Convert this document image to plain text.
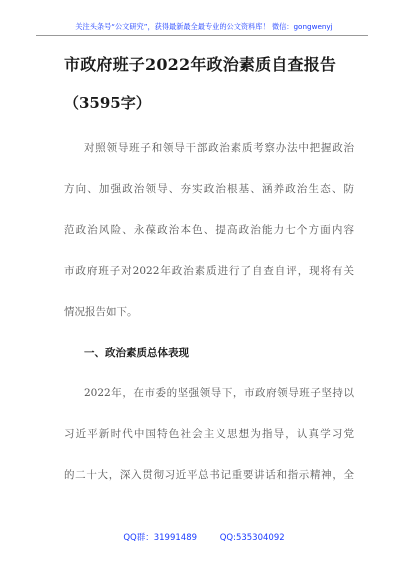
关注头条号“公文研究”，获得最新最全最专业的公文资料库！ 微信：gongwenyj
市政府班子2022年政治素质自查报告
（3595字）
对照领导班子和领导干部政治素质考察办法中把握政治
方向、加强政治领导、夯实政治根基、涵养政治生态、防
范政治风险、永葆政治本色、提高政治能力七个方面内容
市政府班子对2022年政治素质进行了自查自评，现将有关
情况报告如下。
一、政治素质总体表现
2022年，在市委的坚强领导下，市政府领导班子坚持以
习近平新时代中国特色社会主义思想为指导，认真学习党
的二十大，深入贯彻习近平总书记重要讲话和指示精神，全
QQ群：31991489	QQ:535304092
